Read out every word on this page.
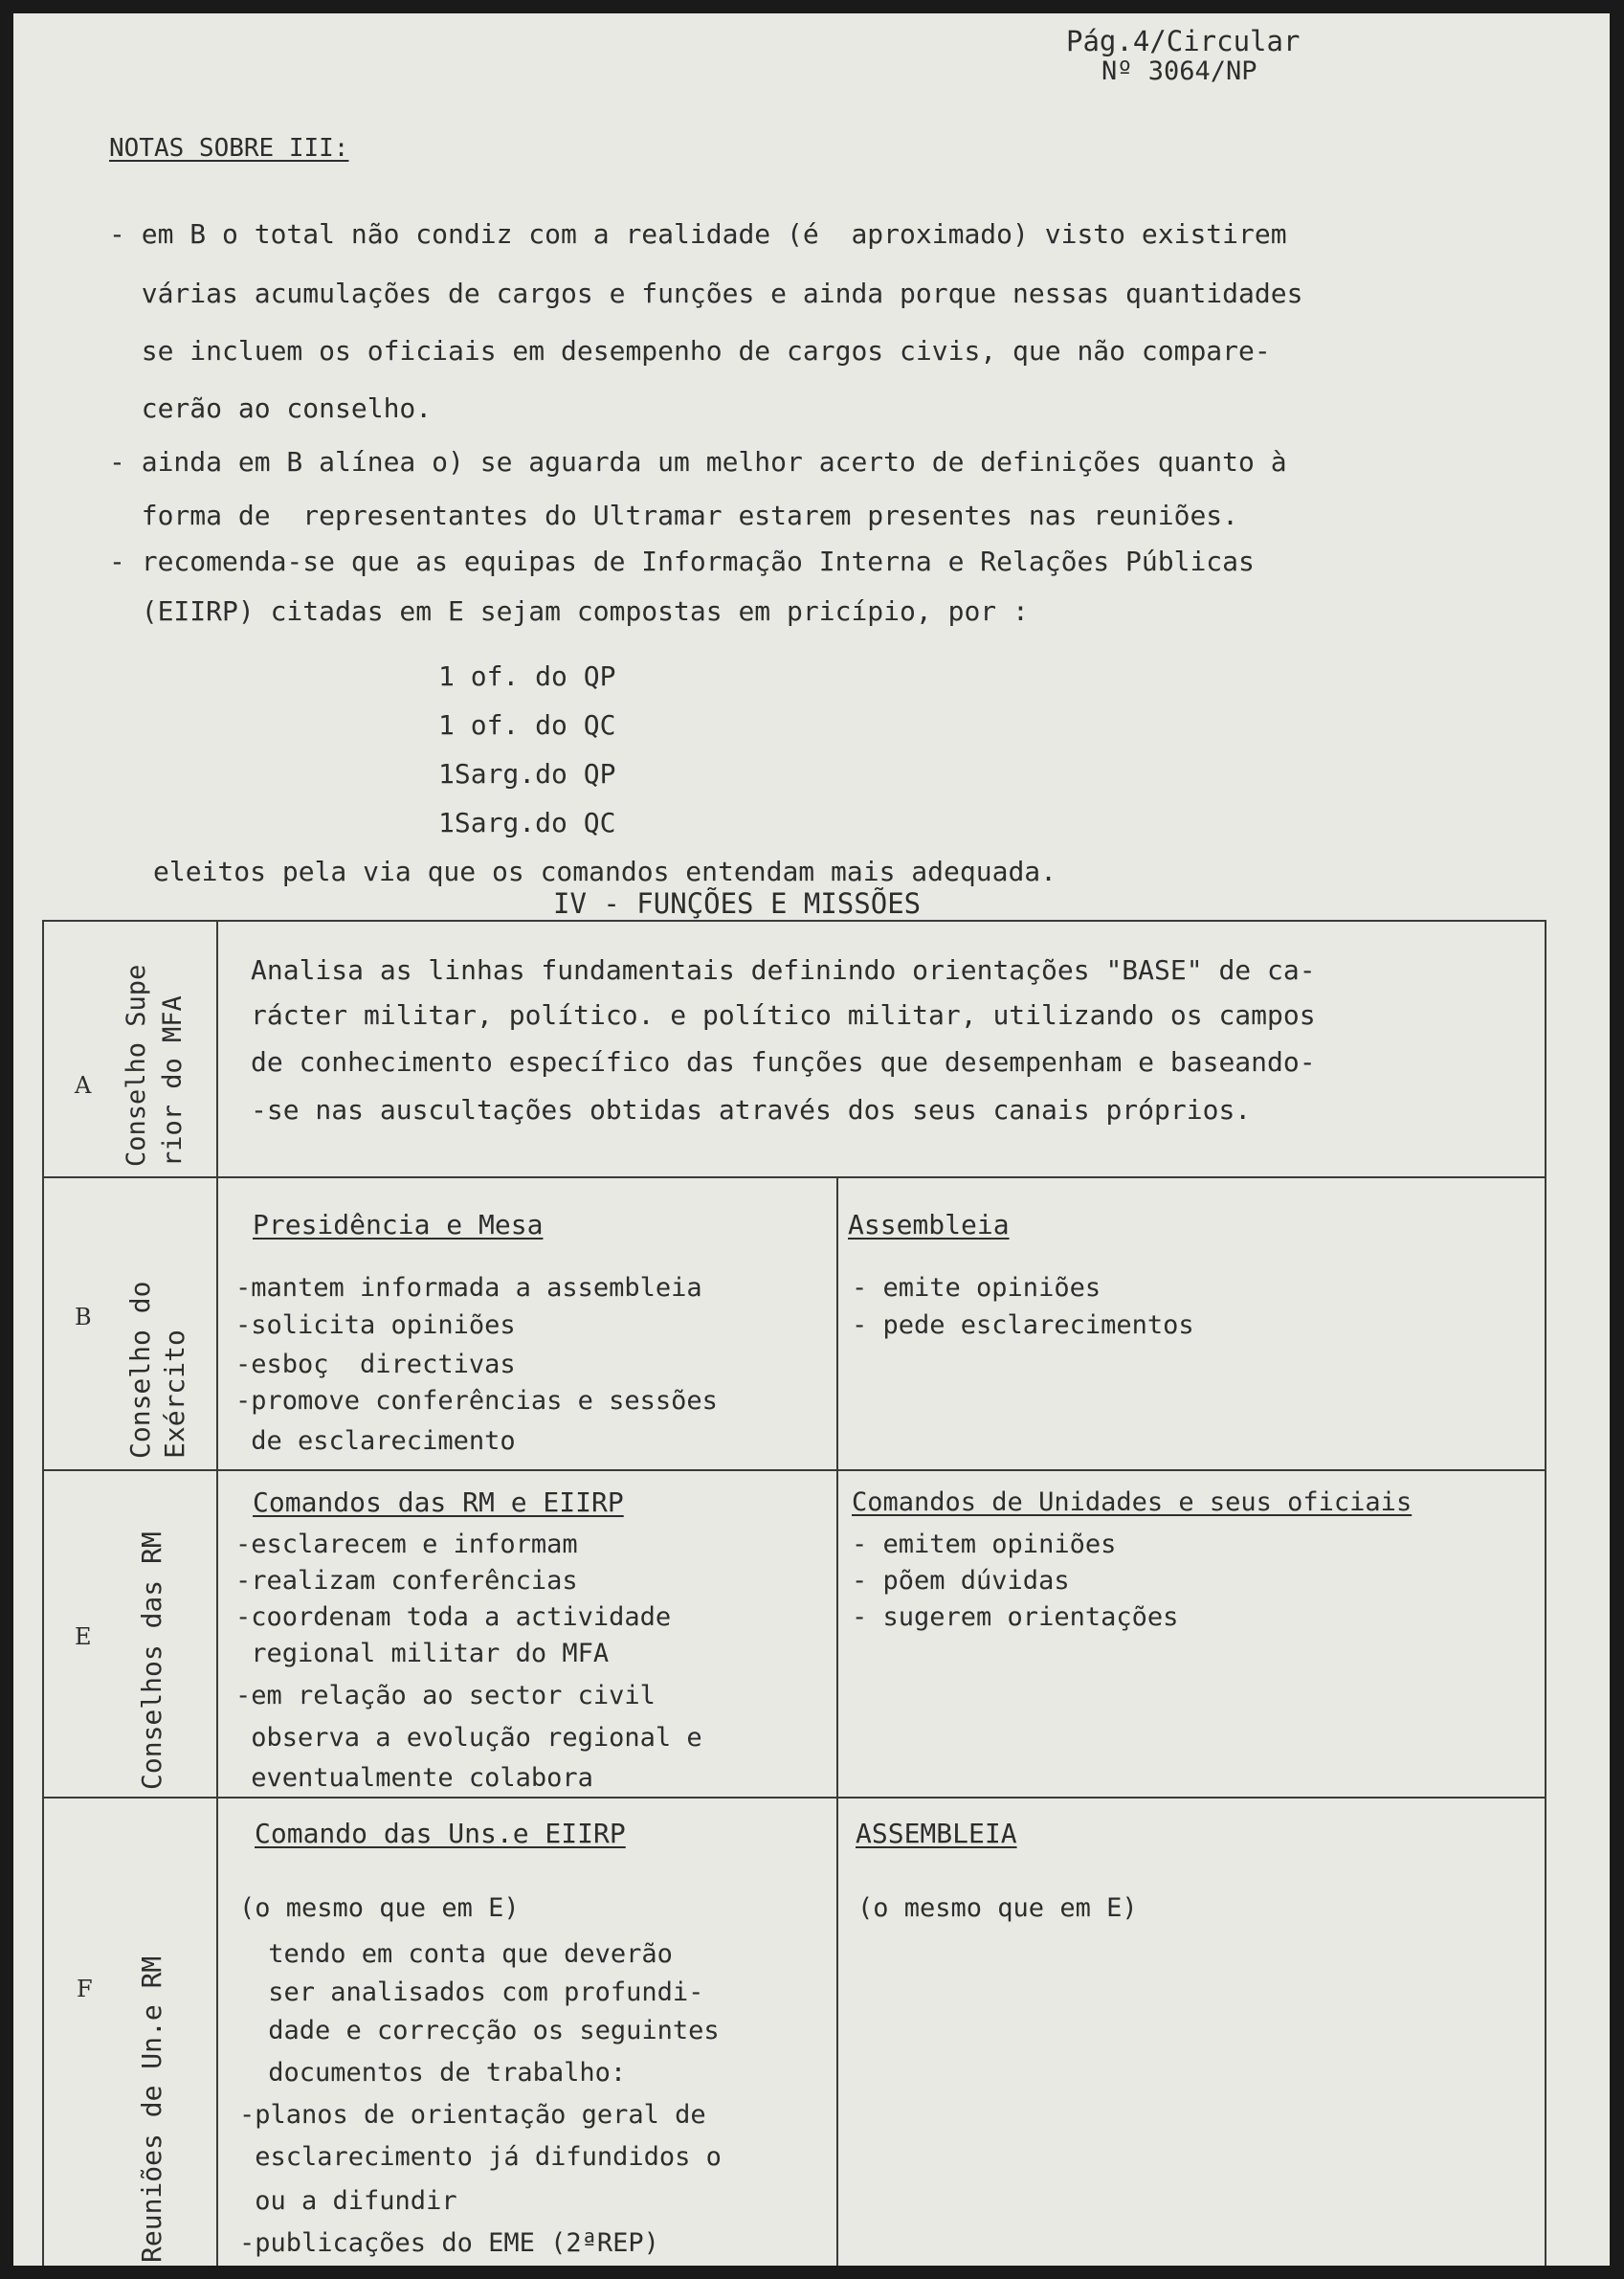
Pág.4/Circular
Nº 3064/NP
NOTAS SOBRE III:
- em B o total não condiz com a realidade (é  aproximado) visto existirem
várias acumulações de cargos e funções e ainda porque nessas quantidades
se incluem os oficiais em desempenho de cargos civis, que não compare-
cerão ao conselho.
- ainda em B alínea o) se aguarda um melhor acerto de definições quanto à
forma de  representantes do Ultramar estarem presentes nas reuniões.
- recomenda-se que as equipas de Informação Interna e Relações Públicas
(EIIRP) citadas em E sejam compostas em pricípio, por :
1 of. do QP
1 of. do QC
1Sarg.do QP
1Sarg.do QC
eleitos pela via que os comandos entendam mais adequada.
IV - FUNÇÕES E MISSÕES
A Conselho Supe rior do MFA
Analisa as linhas fundamentais definindo orientações "BASE" de ca-
rácter militar, político. e político militar, utilizando os campos
de conhecimento específico das funções que desempenham e baseando-
-se nas auscultações obtidas através dos seus canais próprios.
B Conselho do Exército
Presidência e Mesa
-mantem informada a assembleia
-solicita opiniões
-esboç  directivas
-promove conferências e sessões
de esclarecimento
Assembleia
- emite opiniões
- pede esclarecimentos
E Conselhos das RM
Comandos das RM e EIIRP
-esclarecem e informam
-realizam conferências
-coordenam toda a actividade
regional militar do MFA
-em relação ao sector civil
observa a evolução regional e
eventualmente colabora
Comandos de Unidades e seus oficiais
- emitem opiniões
- põem dúvidas
- sugerem orientações
F Reuniões de Un.e RM
Comando das Uns.e EIIRP
(o mesmo que em E)
tendo em conta que deverão
ser analisados com profundi-
dade e correcção os seguintes
documentos de trabalho:
-planos de orientação geral de
esclarecimento já difundidos o
ou a difundir
-publicações do EME (2ªREP)
ASSEMBLEIA
(o mesmo que em E)
